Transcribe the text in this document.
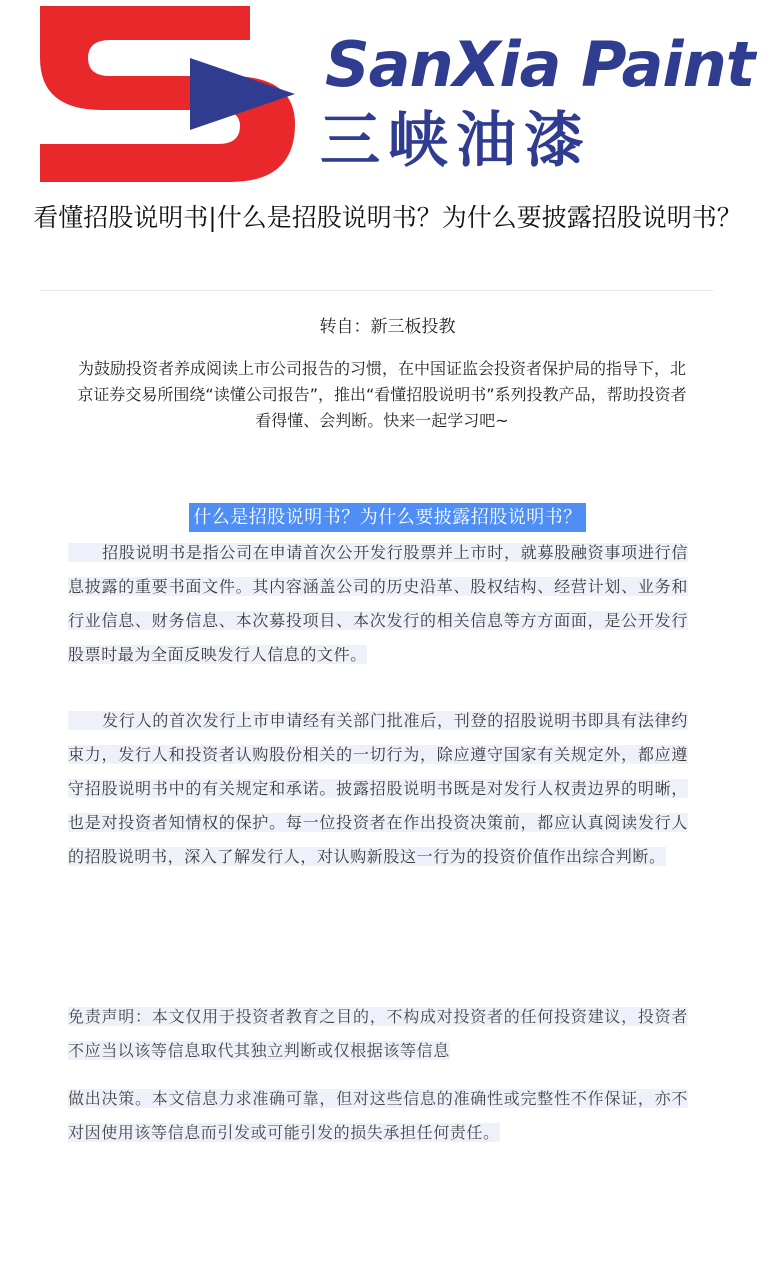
SanXia Paint
三峡油漆
看懂招股说明书|什么是招股说明书？为什么要披露招股说明书？
转自：新三板投教
为鼓励投资者养成阅读上市公司报告的习惯，在中国证监会投资者保护局的指导下，北京证券交易所围绕“读懂公司报告”，推出“看懂招股说明书”系列投教产品，帮助投资者看得懂、会判断。快来一起学习吧~
什么是招股说明书？为什么要披露招股说明书？
招股说明书是指公司在申请首次公开发行股票并上市时，就募股融资事项进行信息披露的重要书面文件。其内容涵盖公司的历史沿革、股权结构、经营计划、业务和行业信息、财务信息、本次募投项目、本次发行的相关信息等方方面面，是公开发行股票时最为全面反映发行人信息的文件。
发行人的首次发行上市申请经有关部门批准后，刊登的招股说明书即具有法律约束力，发行人和投资者认购股份相关的一切行为，除应遵守国家有关规定外，都应遵守招股说明书中的有关规定和承诺。披露招股说明书既是对发行人权责边界的明晰，也是对投资者知情权的保护。每一位投资者在作出投资决策前，都应认真阅读发行人的招股说明书，深入了解发行人，对认购新股这一行为的投资价值作出综合判断。
免责声明：本文仅用于投资者教育之目的，不构成对投资者的任何投资建议，投资者不应当以该等信息取代其独立判断或仅根据该等信息
做出决策。本文信息力求准确可靠，但对这些信息的准确性或完整性不作保证，亦不对因使用该等信息而引发或可能引发的损失承担任何责任。
